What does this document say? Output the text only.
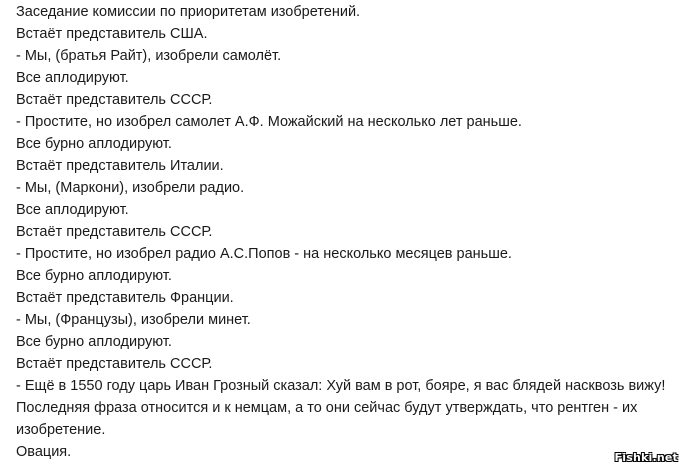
Заседание комиссии по приоритетам изобретений.
Встаёт представитель США.
- Мы, (братья Райт), изобрели самолёт.
Все аплодируют.
Встаёт представитель СССР.
- Простите, но изобрел самолет А.Ф. Можайский на несколько лет раньше.
Все бурно аплодируют.
Встаёт представитель Италии.
- Мы, (Маркони), изобрели радио.
Все аплодируют.
Встаёт представитель СССР.
- Простите, но изобрел радио А.С.Попов - на несколько месяцев раньше.
Все бурно аплодируют.
Встаёт представитель Франции.
- Мы, (Французы), изобрели минет.
Все бурно аплодируют.
Встаёт представитель СССР.
- Ещё в 1550 году царь Иван Грозный сказал: Хуй вам в рот, бояре, я вас блядей насквозь вижу!
Последняя фраза относится и к немцам, а то они сейчас будут утверждать, что рентген - их
изобретение.
Овация.	Fishki.net
